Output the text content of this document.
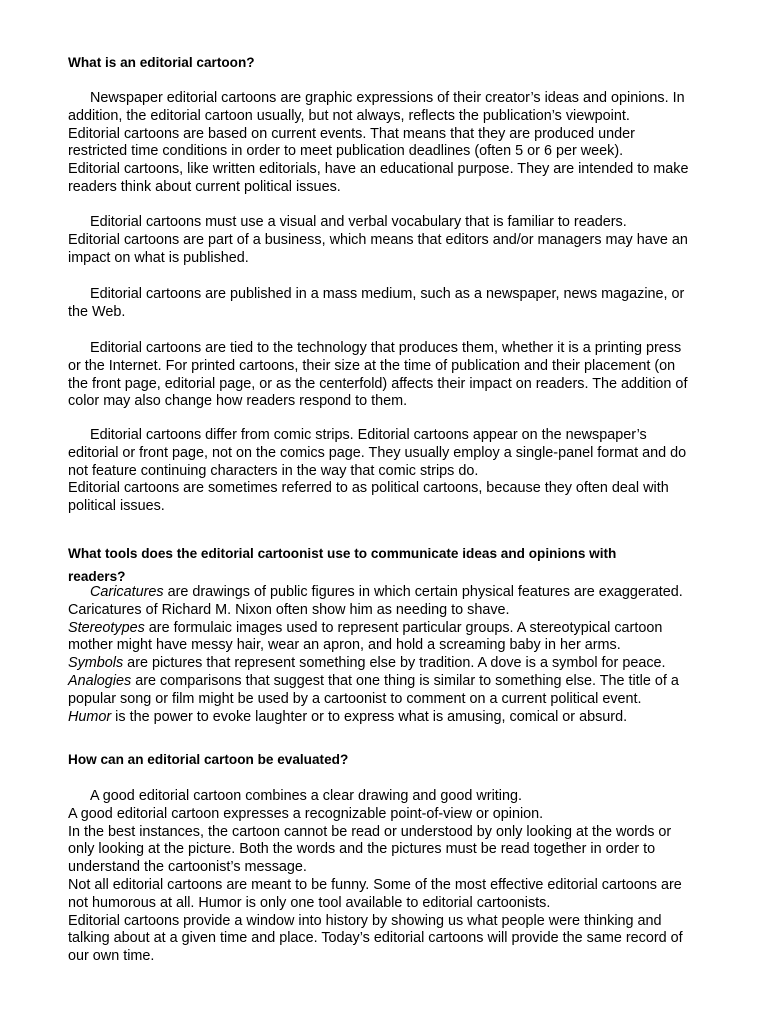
What is an editorial cartoon?

Newspaper editorial cartoons are graphic expressions of their creator’s ideas and opinions. In
addition, the editorial cartoon usually, but not always, reflects the publication’s viewpoint.
Editorial cartoons are based on current events. That means that they are produced under
restricted time conditions in order to meet publication deadlines (often 5 or 6 per week).
Editorial cartoons, like written editorials, have an educational purpose. They are intended to make
readers think about current political issues.

Editorial cartoons must use a visual and verbal vocabulary that is familiar to readers.
Editorial cartoons are part of a business, which means that editors and/or managers may have an
impact on what is published.

Editorial cartoons are published in a mass medium, such as a newspaper, news magazine, or
the Web.

Editorial cartoons are tied to the technology that produces them, whether it is a printing press
or the Internet. For printed cartoons, their size at the time of publication and their placement (on
the front page, editorial page, or as the centerfold) affects their impact on readers. The addition of
color may also change how readers respond to them.

Editorial cartoons differ from comic strips. Editorial cartoons appear on the newspaper’s
editorial or front page, not on the comics page. They usually employ a single-panel format and do
not feature continuing characters in the way that comic strips do.
Editorial cartoons are sometimes referred to as political cartoons, because they often deal with
political issues.

What tools does the editorial cartoonist use to communicate ideas and opinions with
readers?

Caricatures are drawings of public figures in which certain physical features are exaggerated.
Caricatures of Richard M. Nixon often show him as needing to shave.
Stereotypes are formulaic images used to represent particular groups. A stereotypical cartoon
mother might have messy hair, wear an apron, and hold a screaming baby in her arms.
Symbols are pictures that represent something else by tradition. A dove is a symbol for peace.
Analogies are comparisons that suggest that one thing is similar to something else. The title of a
popular song or film might be used by a cartoonist to comment on a current political event.
Humor is the power to evoke laughter or to express what is amusing, comical or absurd.

How can an editorial cartoon be evaluated?

A good editorial cartoon combines a clear drawing and good writing.
A good editorial cartoon expresses a recognizable point-of-view or opinion.
In the best instances, the cartoon cannot be read or understood by only looking at the words or
only looking at the picture. Both the words and the pictures must be read together in order to
understand the cartoonist’s message.
Not all editorial cartoons are meant to be funny. Some of the most effective editorial cartoons are
not humorous at all. Humor is only one tool available to editorial cartoonists.
Editorial cartoons provide a window into history by showing us what people were thinking and
talking about at a given time and place. Today’s editorial cartoons will provide the same record of
our own time.
